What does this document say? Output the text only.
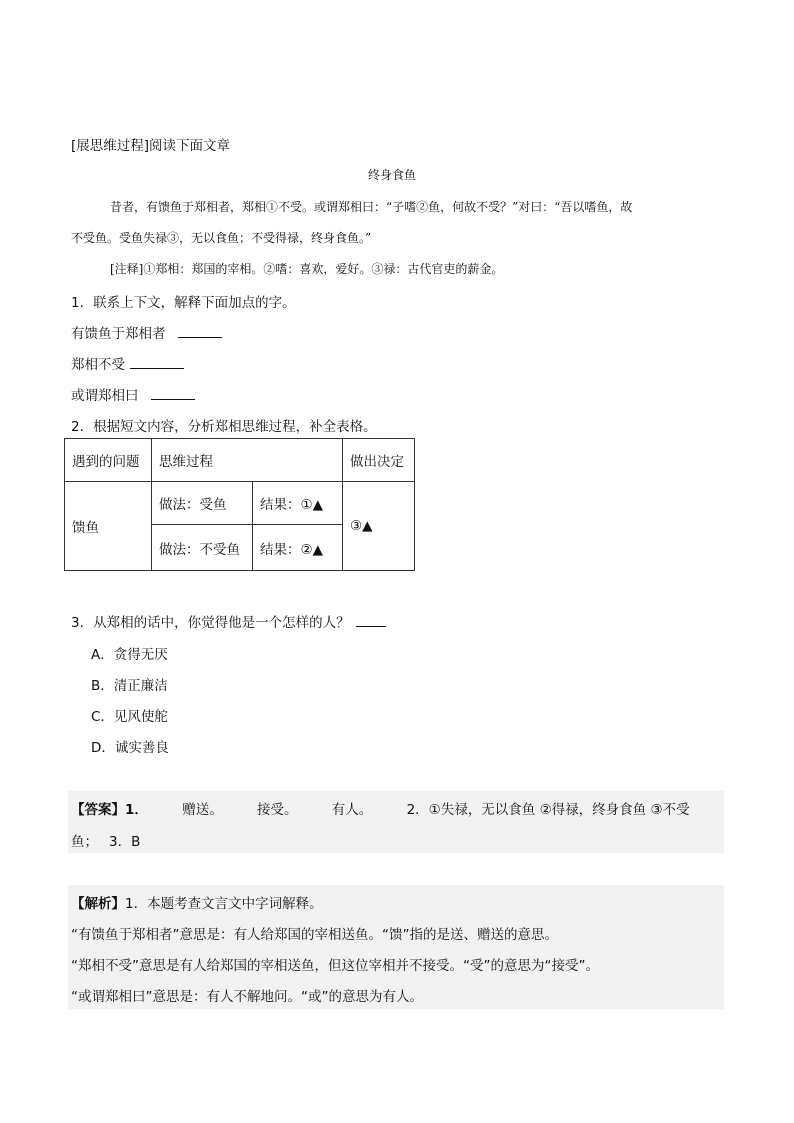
[展思维过程]阅读下面文章
终身食鱼
昔者，有馈鱼于郑相者，郑相①不受。或谓郑相曰：“子嗜②鱼，何故不受？”对曰：“吾以嗜鱼，故
不受鱼。受鱼失禄③，无以食鱼；不受得禄，终身食鱼。”
[注释]①郑相：郑国的宰相。②嗜：喜欢，爱好。③禄：古代官吏的薪金。
1．联系上下文，解释下面加点的字。
有馈鱼于郑相者
郑相不受
或谓郑相曰
2．根据短文内容，分析郑相思维过程，补全表格。
遇到的问题	思维过程		做出决定
馈鱼	做法：受鱼	结果：①▲	③▲
	做法：不受鱼	结果：②▲	
3．从郑相的话中，你觉得他是一个怎样的人？
A．贪得无厌
B．清正廉洁
C．见风使舵
D．诚实善良
【答案】1．	赠送。	接受。	有人。	2．①失禄，无以食鱼 ②得禄，终身食鱼 ③不受
鱼；　 3．B
【解析】1．本题考查文言文中字词解释。
“有馈鱼于郑相者”意思是：有人给郑国的宰相送鱼。“馈”指的是送、赠送的意思。
“郑相不受”意思是有人给郑国的宰相送鱼，但这位宰相并不接受。“受”的意思为“接受”。
“或谓郑相曰”意思是：有人不解地问。“或”的意思为有人。
